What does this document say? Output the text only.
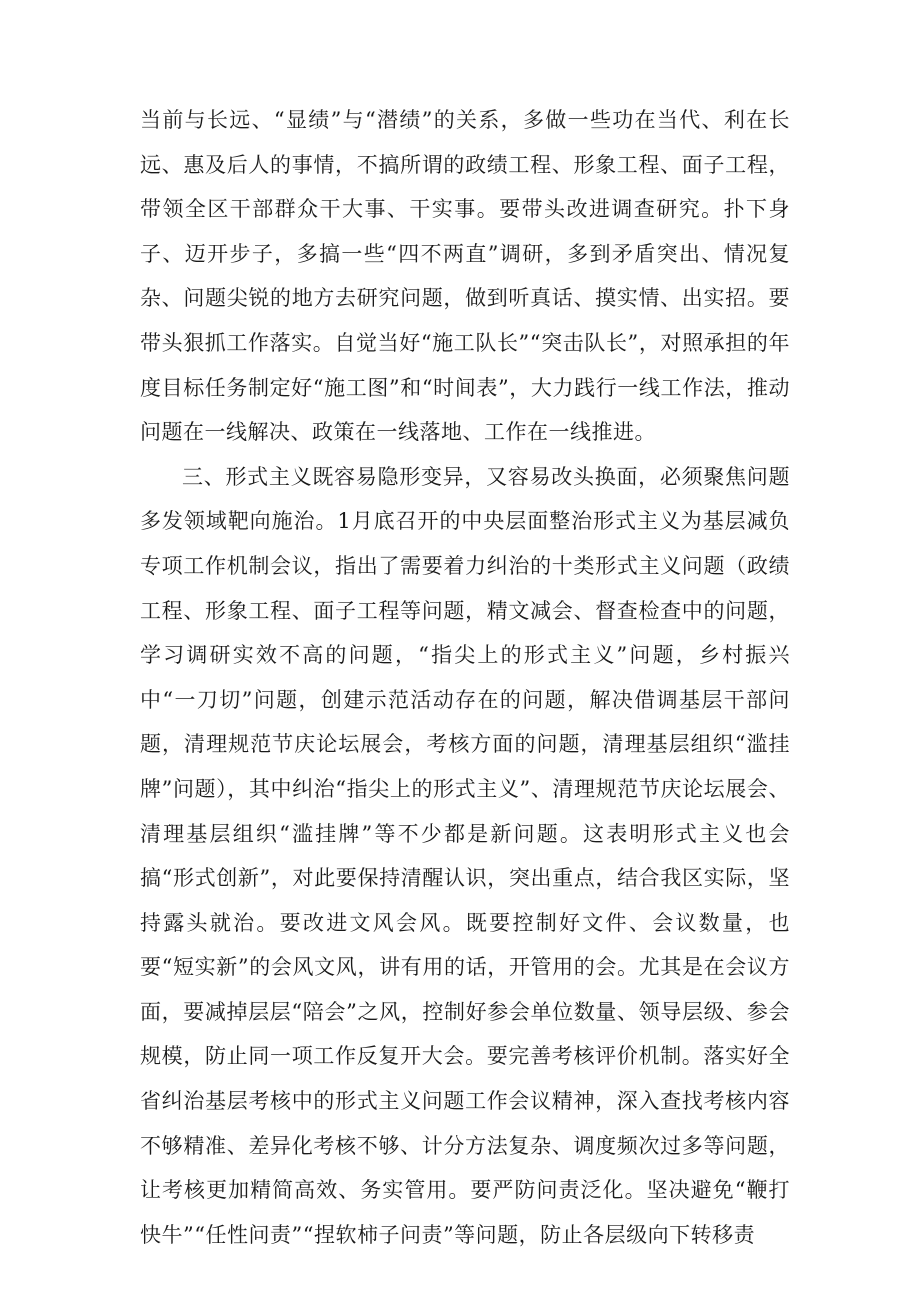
当前与长远、“显绩”与“潜绩”的关系，多做一些功在当代、利在长远、惠及后人的事情，不搞所谓的政绩工程、形象工程、面子工程，带领全区干部群众干大事、干实事。要带头改进调查研究。扑下身子、迈开步子，多搞一些“四不两直”调研，多到矛盾突出、情况复杂、问题尖锐的地方去研究问题，做到听真话、摸实情、出实招。要带头狠抓工作落实。自觉当好“施工队长”“突击队长”，对照承担的年度目标任务制定好“施工图”和“时间表”，大力践行一线工作法，推动问题在一线解决、政策在一线落地、工作在一线推进。

三、形式主义既容易隐形变异，又容易改头换面，必须聚焦问题多发领域靶向施治。1月底召开的中央层面整治形式主义为基层减负专项工作机制会议，指出了需要着力纠治的十类形式主义问题（政绩工程、形象工程、面子工程等问题，精文减会、督查检查中的问题，学习调研实效不高的问题，“指尖上的形式主义”问题，乡村振兴中“一刀切”问题，创建示范活动存在的问题，解决借调基层干部问题，清理规范节庆论坛展会，考核方面的问题，清理基层组织“滥挂牌”问题），其中纠治“指尖上的形式主义”、清理规范节庆论坛展会、清理基层组织“滥挂牌”等不少都是新问题。这表明形式主义也会搞“形式创新”，对此要保持清醒认识，突出重点，结合我区实际，坚持露头就治。要改进文风会风。既要控制好文件、会议数量，也要“短实新”的会风文风，讲有用的话，开管用的会。尤其是在会议方面，要减掉层层“陪会”之风，控制好参会单位数量、领导层级、参会规模，防止同一项工作反复开大会。要完善考核评价机制。落实好全省纠治基层考核中的形式主义问题工作会议精神，深入查找考核内容不够精准、差异化考核不够、计分方法复杂、调度频次过多等问题，让考核更加精简高效、务实管用。要严防问责泛化。坚决避免“鞭打快牛”“任性问责”“捏软柿子问责”等问题，防止各层级向下转移责
